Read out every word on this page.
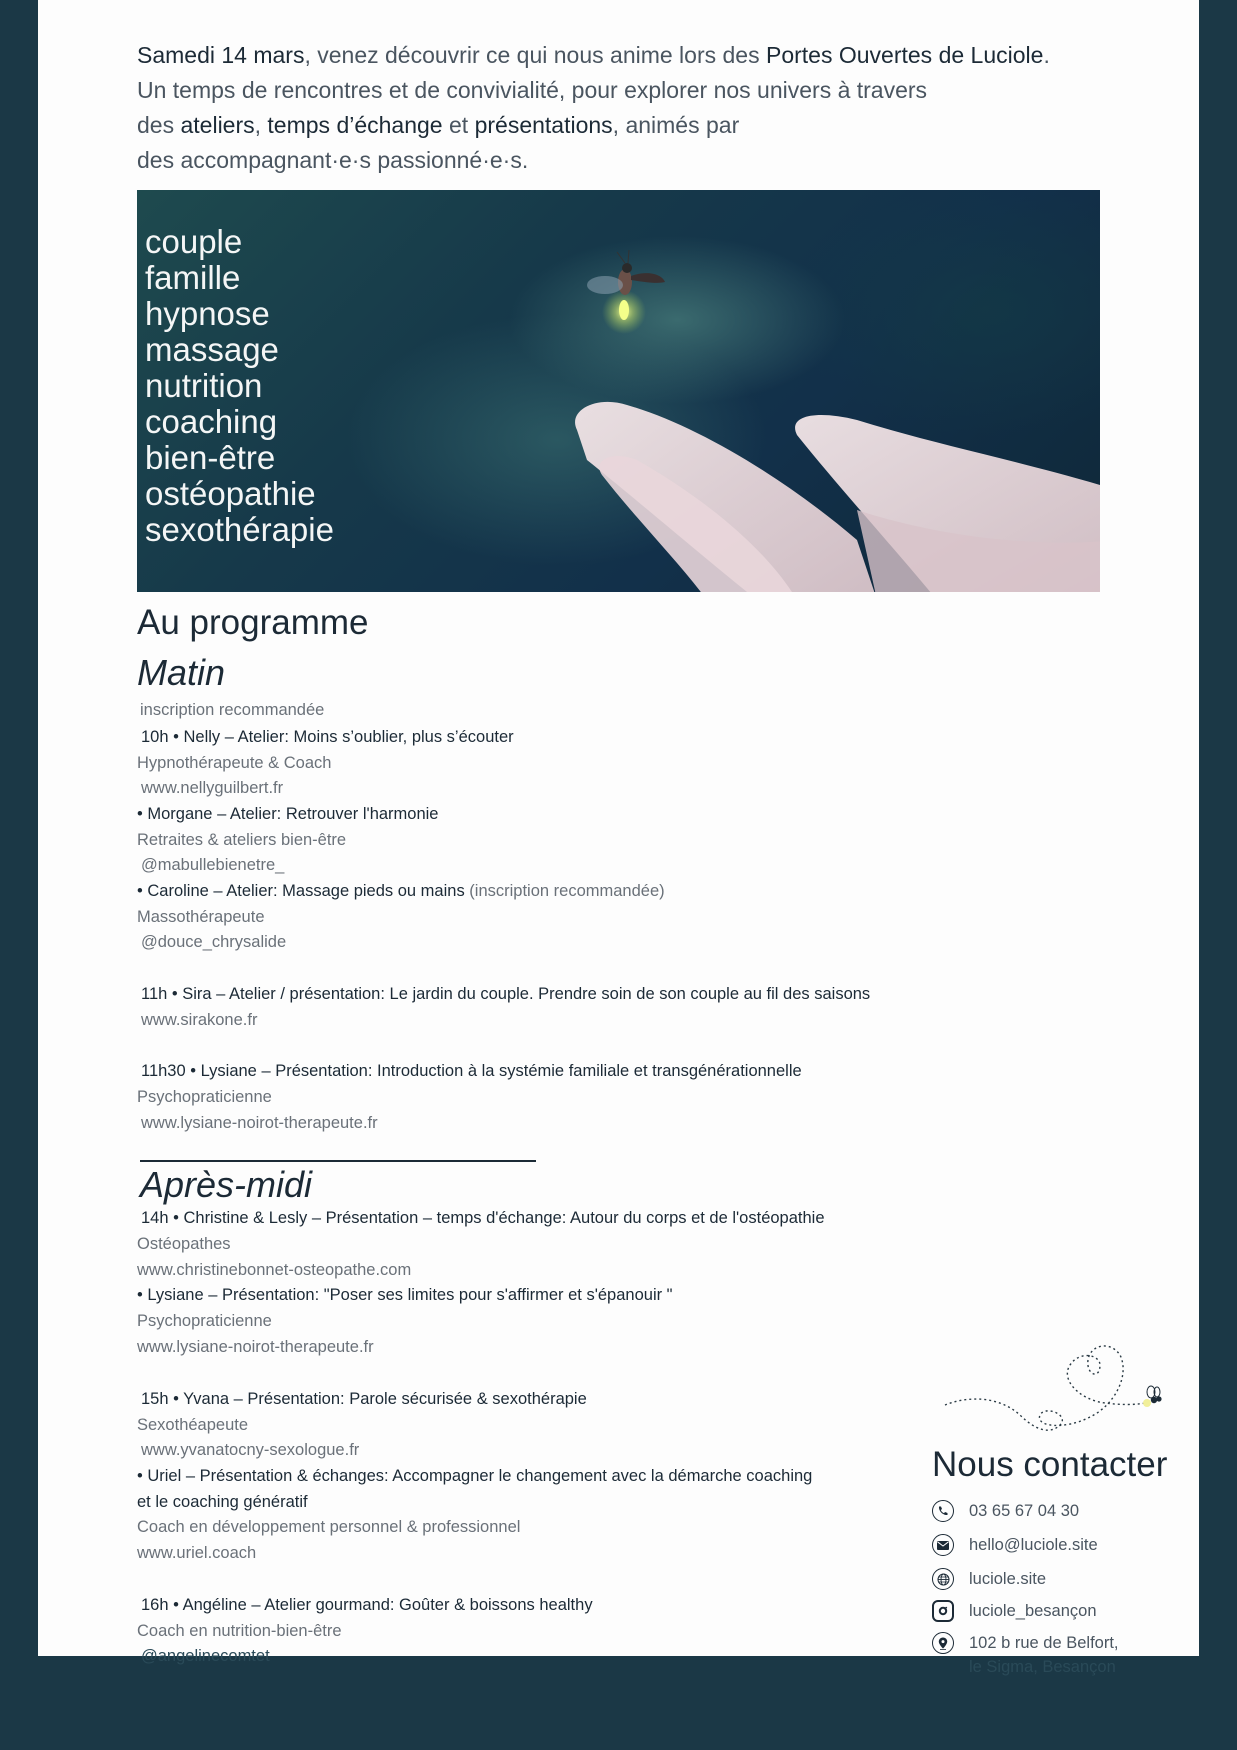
Samedi 14 mars, venez découvrir ce qui nous anime lors des Portes Ouvertes de Luciole.
Un temps de rencontres et de convivialité, pour explorer nos univers à travers
des ateliers, temps d’échange et présentations, animés par
des accompagnant·e·s passionné·e·s.
couple
famille
hypnose
massage
nutrition
coaching
bien-être
ostéopathie
sexothérapie
Au programme
Matin
inscription recommandée
10h • Nelly – Atelier: Moins s’oublier, plus s’écouter
Hypnothérapeute & Coach
www.nellyguilbert.fr
• Morgane – Atelier: Retrouver l'harmonie
Retraites & ateliers bien-être
@mabullebienetre_
• Caroline – Atelier: Massage pieds ou mains (inscription recommandée)
Massothérapeute
@douce_chrysalide
11h • Sira – Atelier / présentation: Le jardin du couple. Prendre soin de son couple au fil des saisons
www.sirakone.fr
11h30 • Lysiane – Présentation: Introduction à la systémie familiale et transgénérationnelle
Psychopraticienne
www.lysiane-noirot-therapeute.fr
Après-midi
14h • Christine & Lesly – Présentation – temps d'échange: Autour du corps et de l'ostéopathie
Ostéopathes
www.christinebonnet-osteopathe.com
• Lysiane – Présentation: "Poser ses limites pour s'affirmer et s'épanouir "
Psychopraticienne
www.lysiane-noirot-therapeute.fr
15h • Yvana – Présentation: Parole sécurisée & sexothérapie
Sexothéapeute
www.yvanatocny-sexologue.fr
• Uriel – Présentation & échanges: Accompagner le changement avec la démarche coaching
et le coaching génératif
Coach en développement personnel & professionnel
www.uriel.coach
16h • Angéline – Atelier gourmand: Goûter & boissons healthy
Coach en nutrition-bien-être
@angelinecomtet
Nous contacter
03 65 67 04 30
hello@luciole.site
luciole.site
luciole_besançon
102 b rue de Belfort,
le Sigma, Besançon
